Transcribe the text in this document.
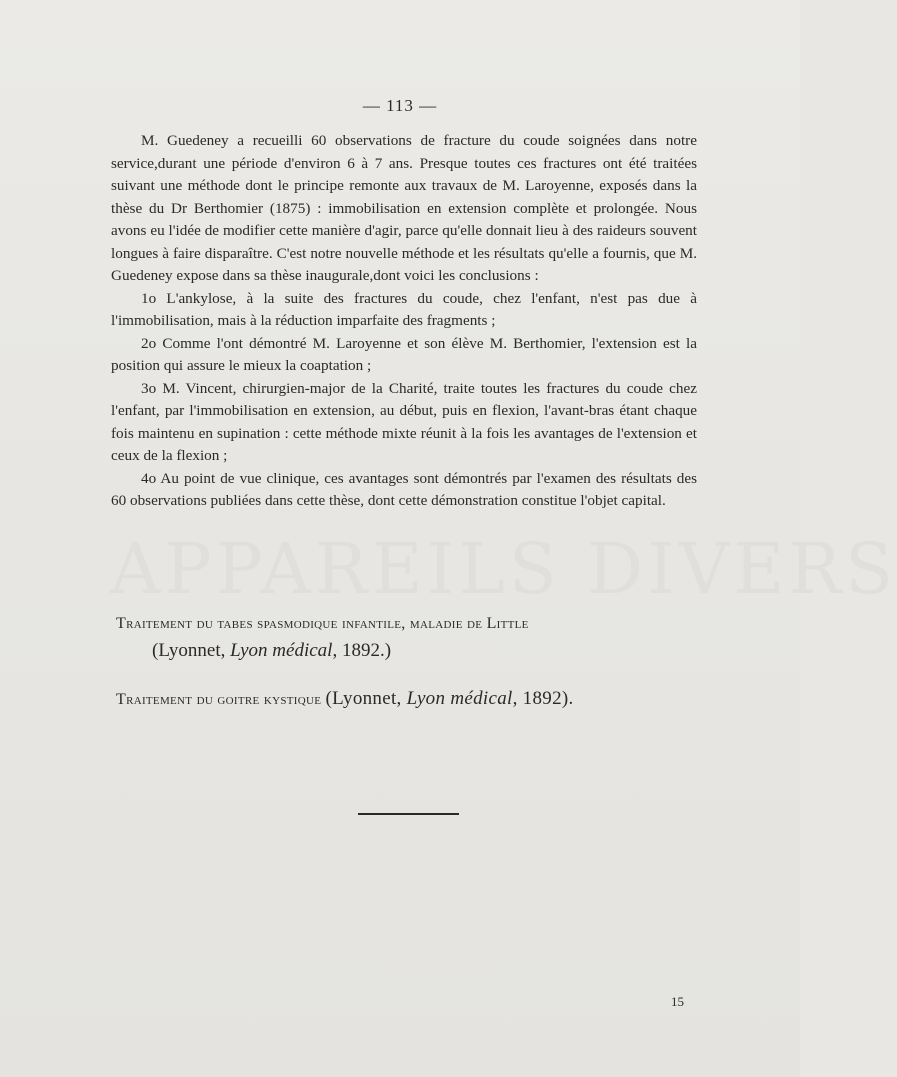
— 113 —

M. Guedeney a recueilli 60 observations de fracture du coude soignées dans notre service,durant une période d'environ 6 à 7 ans. Presque toutes ces fractures ont été traitées suivant une méthode dont le principe remonte aux travaux de M. Laroyenne, exposés dans la thèse du Dr Berthomier (1875) : immobilisation en extension complète et prolongée. Nous avons eu l'idée de modifier cette manière d'agir, parce qu'elle donnait lieu à des raideurs souvent longues à faire disparaître. C'est notre nouvelle méthode et les résultats qu'elle a fournis, que M. Guedeney expose dans sa thèse inaugurale,dont voici les conclusions :

1o L'ankylose, à la suite des fractures du coude, chez l'enfant, n'est pas due à l'immobilisation, mais à la réduction imparfaite des fragments ;

2o Comme l'ont démontré M. Laroyenne et son élève M. Berthomier, l'extension est la position qui assure le mieux la coaptation ;

3o M. Vincent, chirurgien-major de la Charité, traite toutes les fractures du coude chez l'enfant, par l'immobilisation en extension, au début, puis en flexion, l'avant-bras étant chaque fois maintenu en supination : cette méthode mixte réunit à la fois les avantages de l'extension et ceux de la flexion ;

4o Au point de vue clinique, ces avantages sont démontrés par l'examen des résultats des 60 observations publiées dans cette thèse, dont cette démonstration constitue l'objet capital.

APPAREILS DIVERS
Traitement du tabes spasmodique infantile, maladie de Little
(Lyonnet, Lyon médical, 1892.)
Traitement du goitre kystique (Lyonnet, Lyon médical, 1892).
15
